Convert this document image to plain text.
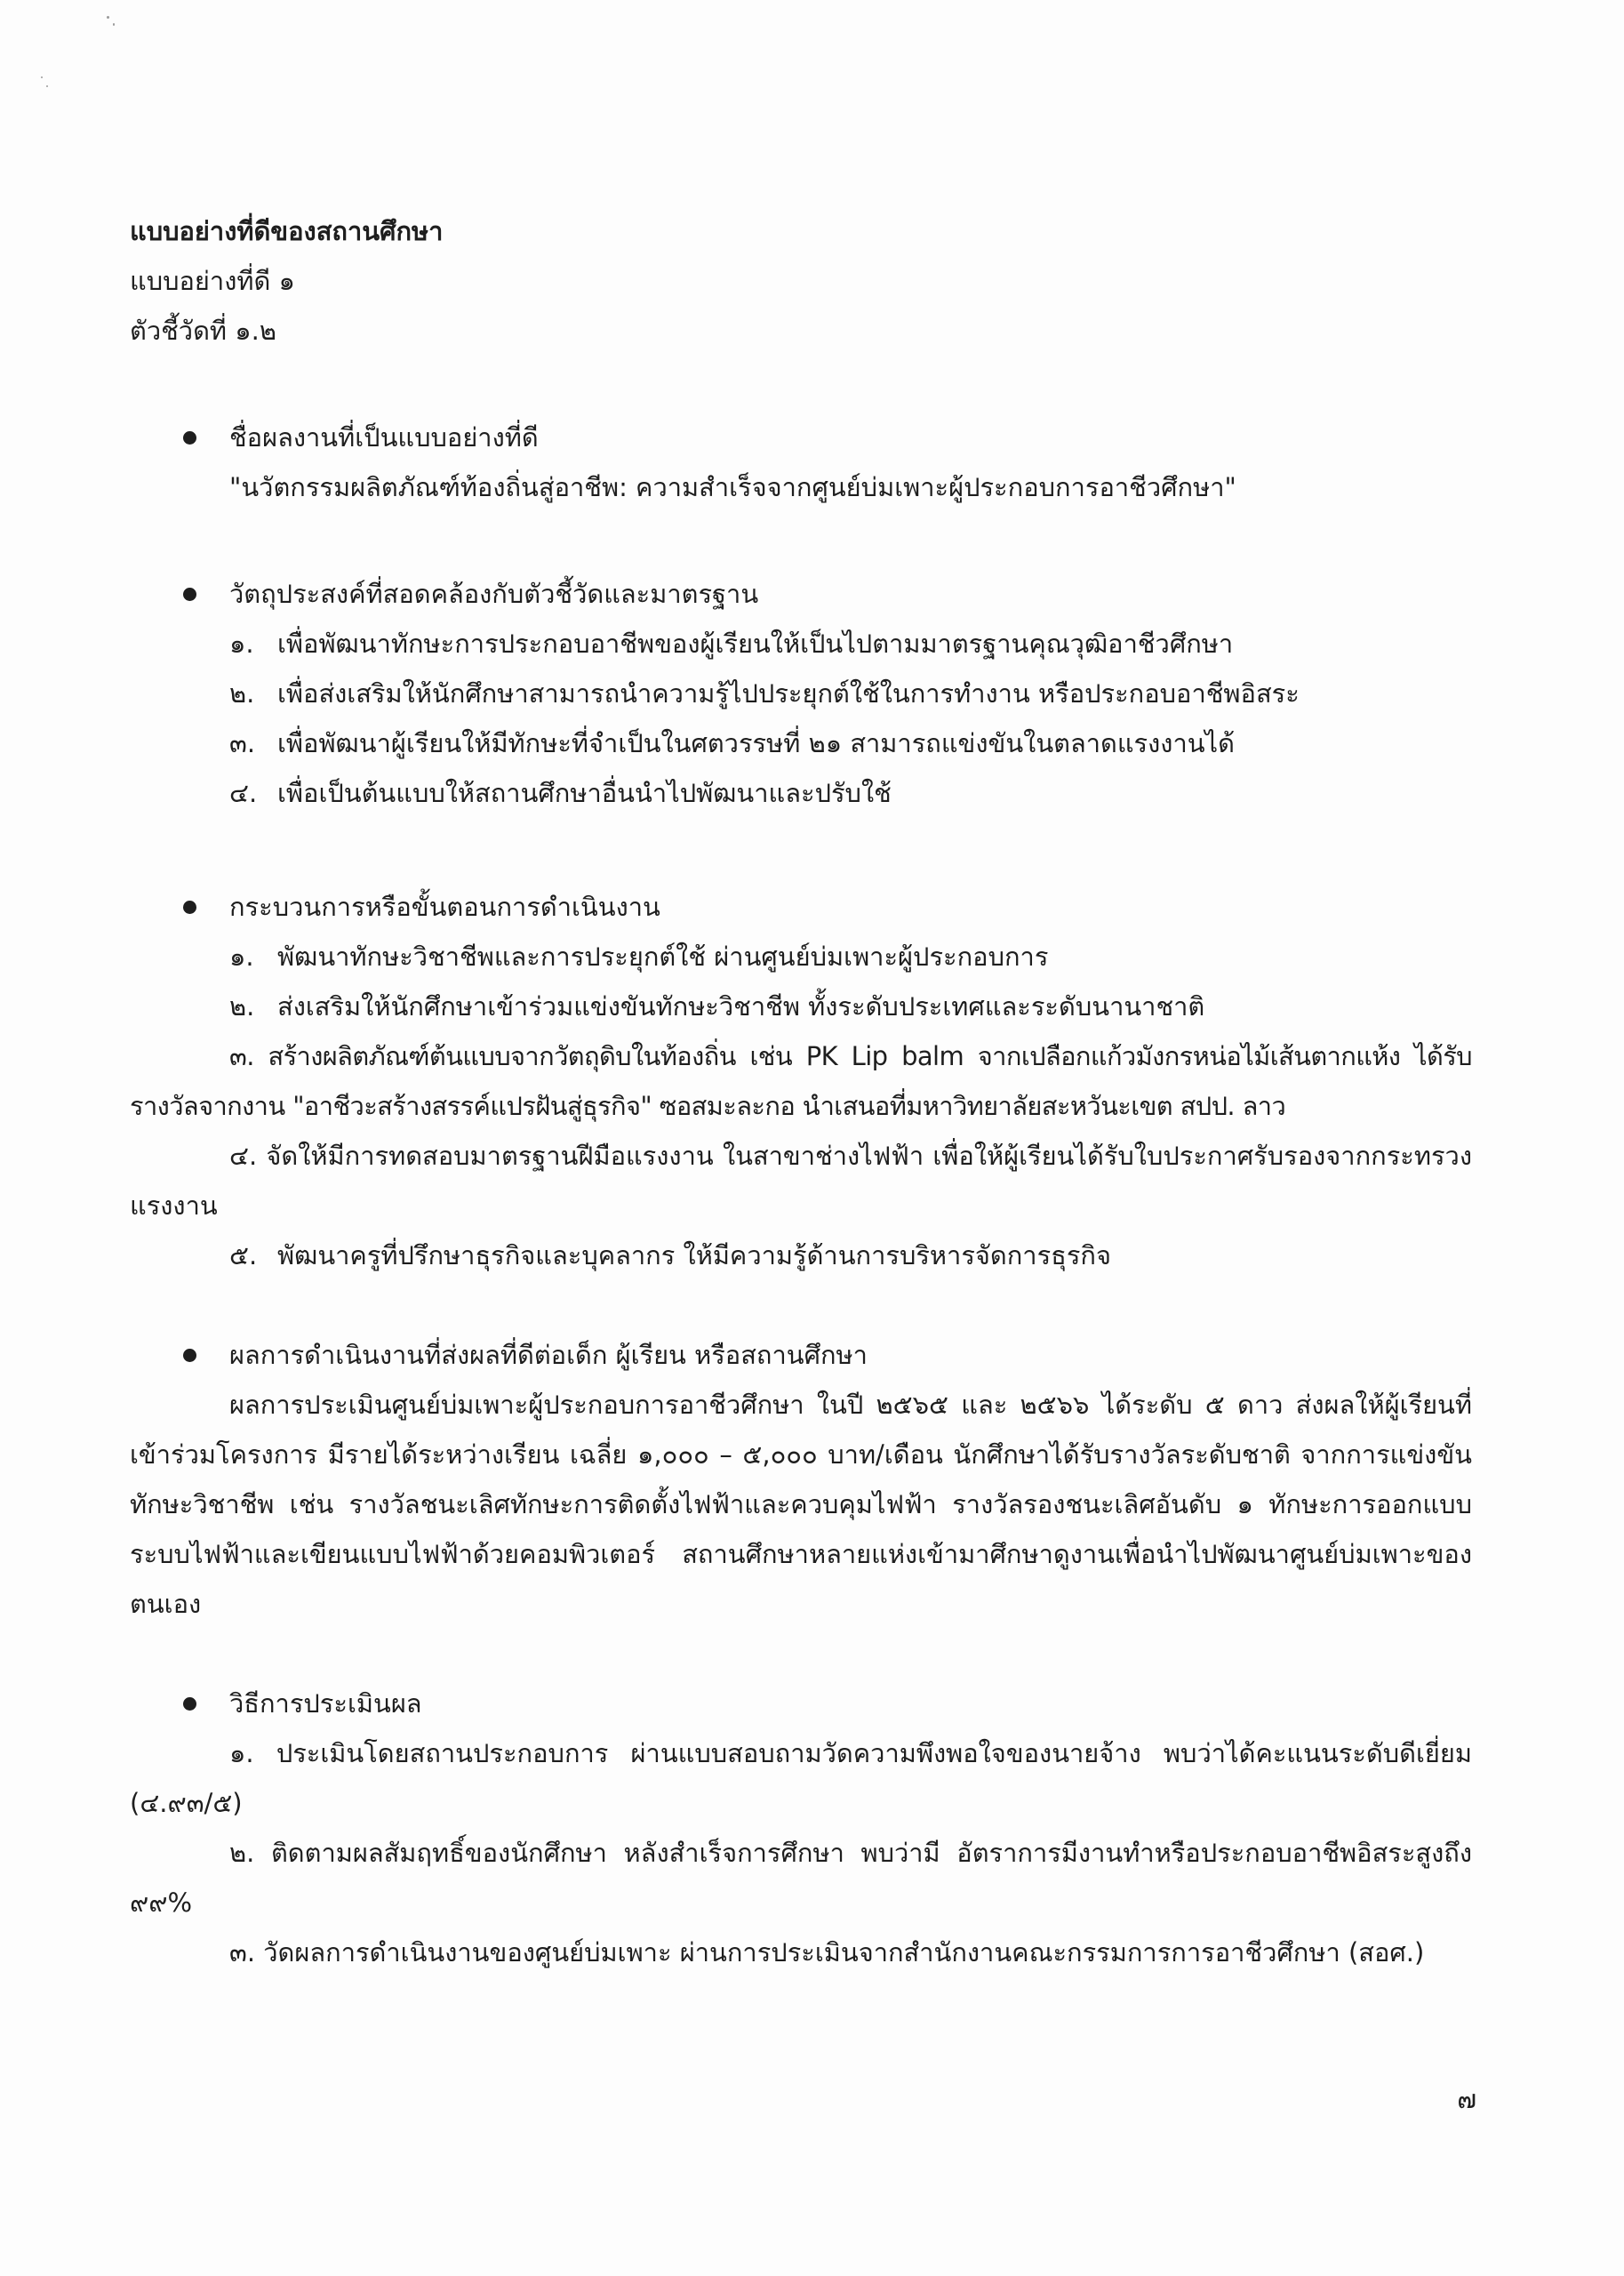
แบบอย่างที่ดีของสถานศึกษา
แบบอย่างที่ดี ๑
ตัวชี้วัดที่ ๑.๒
ชื่อผลงานที่เป็นแบบอย่างที่ดี
"นวัตกรรมผลิตภัณฑ์ท้องถิ่นสู่อาชีพ: ความสำเร็จจากศูนย์บ่มเพาะผู้ประกอบการอาชีวศึกษา"
วัตถุประสงค์ที่สอดคล้องกับตัวชี้วัดและมาตรฐาน
๑. เพื่อพัฒนาทักษะการประกอบอาชีพของผู้เรียนให้เป็นไปตามมาตรฐานคุณวุฒิอาชีวศึกษา
๒. เพื่อส่งเสริมให้นักศึกษาสามารถนำความรู้ไปประยุกต์ใช้ในการทำงาน หรือประกอบอาชีพอิสระ
๓. เพื่อพัฒนาผู้เรียนให้มีทักษะที่จำเป็นในศตวรรษที่ ๒๑ สามารถแข่งขันในตลาดแรงงานได้
๔. เพื่อเป็นต้นแบบให้สถานศึกษาอื่นนำไปพัฒนาและปรับใช้
กระบวนการหรือขั้นตอนการดำเนินงาน
๑. พัฒนาทักษะวิชาชีพและการประยุกต์ใช้ ผ่านศูนย์บ่มเพาะผู้ประกอบการ
๒. ส่งเสริมให้นักศึกษาเข้าร่วมแข่งขันทักษะวิชาชีพ ทั้งระดับประเทศและระดับนานาชาติ
๓. สร้างผลิตภัณฑ์ต้นแบบจากวัตถุดิบในท้องถิ่น เช่น PK Lip balm จากเปลือกแก้วมังกรหน่อไม้เส้นตากแห้ง ได้รับรางวัลจากงาน "อาชีวะสร้างสรรค์แปรฝันสู่ธุรกิจ" ซอสมะละกอ นำเสนอที่มหาวิทยาลัยสะหวันะเขต สปป. ลาว
๔. จัดให้มีการทดสอบมาตรฐานฝีมือแรงงาน ในสาขาช่างไฟฟ้า เพื่อให้ผู้เรียนได้รับใบประกาศรับรองจากกระทรวงแรงงาน
๕. พัฒนาครูที่ปรึกษาธุรกิจและบุคลากร ให้มีความรู้ด้านการบริหารจัดการธุรกิจ
ผลการดำเนินงานที่ส่งผลที่ดีต่อเด็ก ผู้เรียน หรือสถานศึกษา
ผลการประเมินศูนย์บ่มเพาะผู้ประกอบการอาชีวศึกษา ในปี ๒๕๖๕ และ ๒๕๖๖ ได้ระดับ ๕ ดาว ส่งผลให้ผู้เรียนที่เข้าร่วมโครงการ มีรายได้ระหว่างเรียน เฉลี่ย ๑,๐๐๐ – ๕,๐๐๐ บาท/เดือน นักศึกษาได้รับรางวัลระดับชาติ จากการแข่งขันทักษะวิชาชีพ เช่น รางวัลชนะเลิศทักษะการติดตั้งไฟฟ้าและควบคุมไฟฟ้า รางวัลรองชนะเลิศอันดับ ๑ ทักษะการออกแบบระบบไฟฟ้าและเขียนแบบไฟฟ้าด้วยคอมพิวเตอร์ สถานศึกษาหลายแห่งเข้ามาศึกษาดูงานเพื่อนำไปพัฒนาศูนย์บ่มเพาะของตนเอง
วิธีการประเมินผล
๑. ประเมินโดยสถานประกอบการ ผ่านแบบสอบถามวัดความพึงพอใจของนายจ้าง พบว่าได้คะแนนระดับดีเยี่ยม (๔.๙๓/๕)
๒. ติดตามผลสัมฤทธิ์ของนักศึกษา หลังสำเร็จการศึกษา พบว่ามี อัตราการมีงานทำหรือประกอบอาชีพอิสระสูงถึง ๙๙%
๓. วัดผลการดำเนินงานของศูนย์บ่มเพาะ ผ่านการประเมินจากสำนักงานคณะกรรมการการอาชีวศึกษา (สอศ.)
๗
